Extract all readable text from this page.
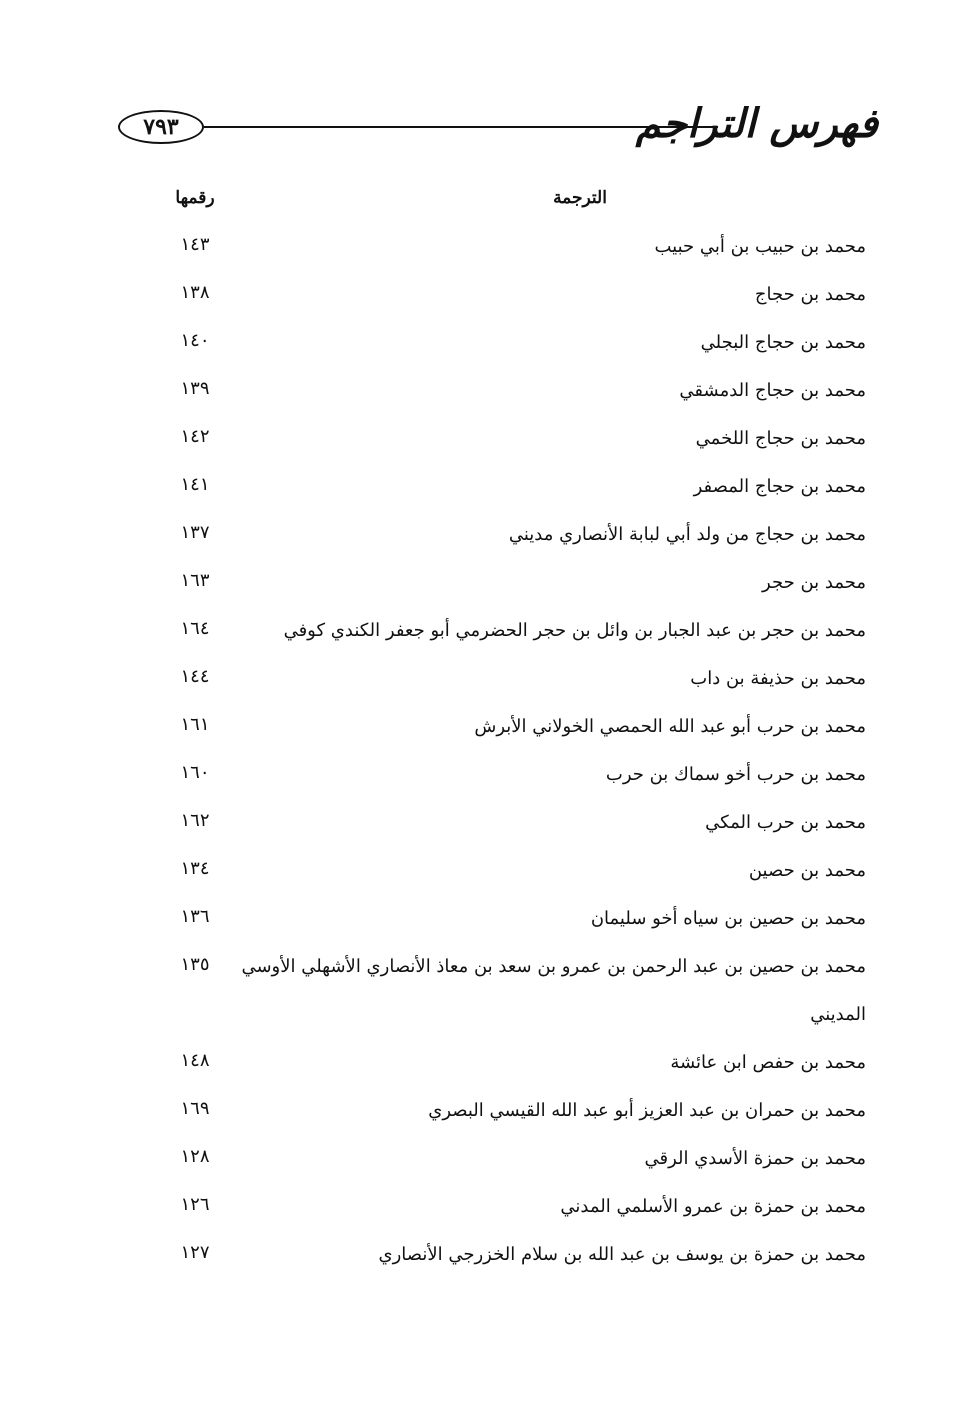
٧٩٣	فهرس التراجم
الترجمة
رقمها
محمد بن حبيب بن أبي حبيب
١٤٣
محمد بن حجاج
١٣٨
محمد بن حجاج البجلي
١٤٠
محمد بن حجاج الدمشقي
١٣٩
محمد بن حجاج اللخمي
١٤٢
محمد بن حجاج المصفر
١٤١
محمد بن حجاج من ولد أبي لبابة الأنصاري مديني
١٣٧
محمد بن حجر
١٦٣
محمد بن حجر بن عبد الجبار بن وائل بن حجر الحضرمي أبو جعفر الكندي كوفي
١٦٤
محمد بن حذيفة بن داب
١٤٤
محمد بن حرب أبو عبد الله الحمصي الخولاني الأبرش
١٦١
محمد بن حرب أخو سماك بن حرب
١٦٠
محمد بن حرب المكي
١٦٢
محمد بن حصين
١٣٤
محمد بن حصين بن سياه أخو سليمان
١٣٦
محمد بن حصين بن عبد الرحمن بن عمرو بن سعد بن معاذ الأنصاري الأشهلي الأوسي
١٣٥
المديني
محمد بن حفص ابن عائشة
١٤٨
محمد بن حمران بن عبد العزيز أبو عبد الله القيسي البصري
١٦٩
محمد بن حمزة الأسدي الرقي
١٢٨
محمد بن حمزة بن عمرو الأسلمي المدني
١٢٦
محمد بن حمزة بن يوسف بن عبد الله بن سلام الخزرجي الأنصاري
١٢٧
